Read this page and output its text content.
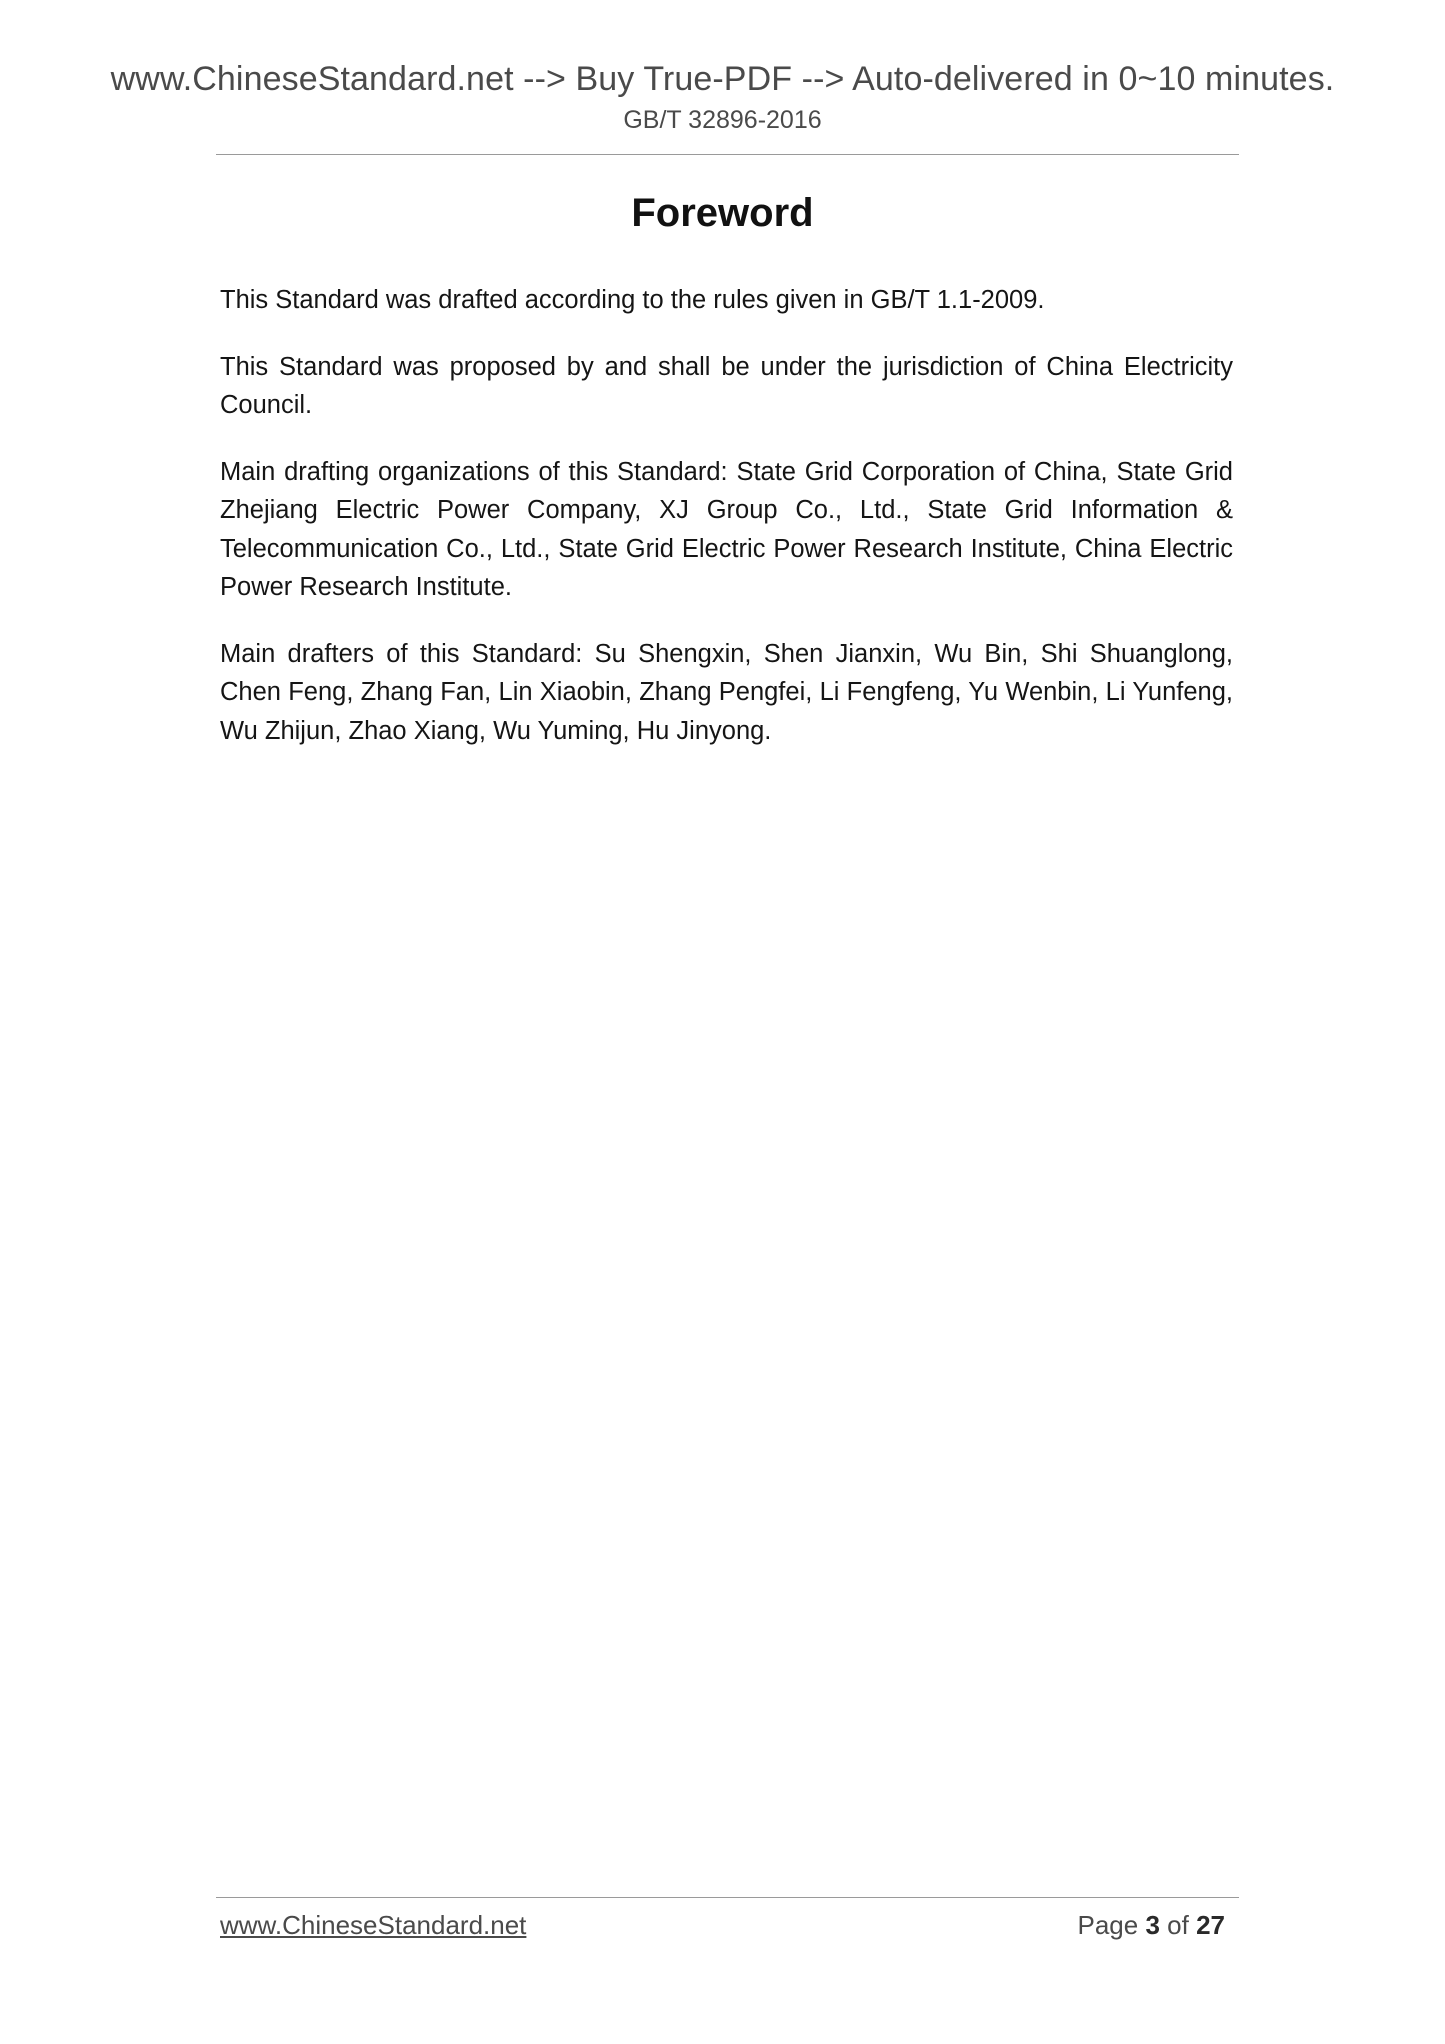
www.ChineseStandard.net --> Buy True-PDF --> Auto-delivered in 0~10 minutes.
GB/T 32896-2016
Foreword

This Standard was drafted according to the rules given in GB/T 1.1-2009.

This Standard was proposed by and shall be under the jurisdiction of China Electricity Council.

Main drafting organizations of this Standard: State Grid Corporation of China, State Grid Zhejiang Electric Power Company, XJ Group Co., Ltd., State Grid Information & Telecommunication Co., Ltd., State Grid Electric Power Research Institute, China Electric Power Research Institute.

Main drafters of this Standard: Su Shengxin, Shen Jianxin, Wu Bin, Shi Shuanglong, Chen Feng, Zhang Fan, Lin Xiaobin, Zhang Pengfei, Li Fengfeng, Yu Wenbin, Li Yunfeng, Wu Zhijun, Zhao Xiang, Wu Yuming, Hu Jinyong.

www.ChineseStandard.net	Page 3 of 27
